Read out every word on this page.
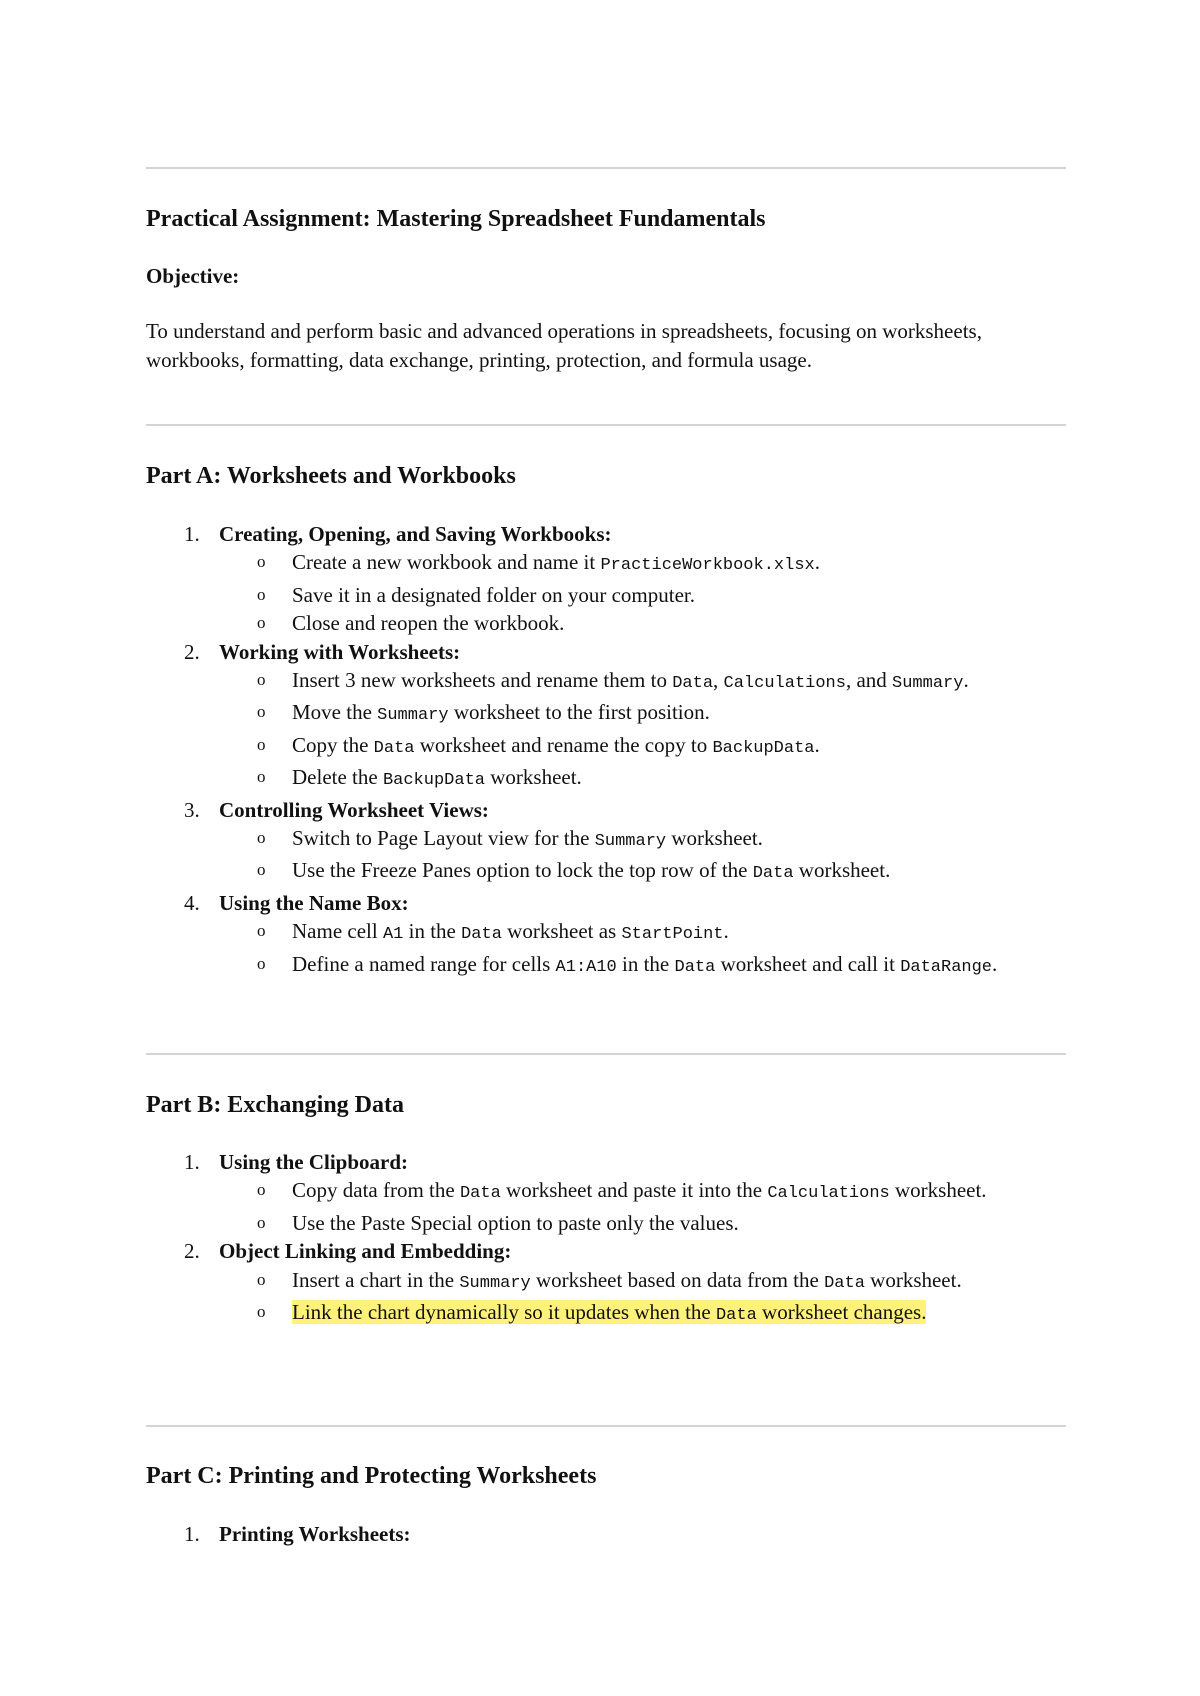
Practical Assignment: Mastering Spreadsheet Fundamentals
Objective:
To understand and perform basic and advanced operations in spreadsheets, focusing on worksheets, workbooks, formatting, data exchange, printing, protection, and formula usage.
Part A: Worksheets and Workbooks
1. Creating, Opening, and Saving Workbooks:
o Create a new workbook and name it PracticeWorkbook.xlsx.
o Save it in a designated folder on your computer.
o Close and reopen the workbook.
2. Working with Worksheets:
o Insert 3 new worksheets and rename them to Data, Calculations, and Summary.
o Move the Summary worksheet to the first position.
o Copy the Data worksheet and rename the copy to BackupData.
o Delete the BackupData worksheet.
3. Controlling Worksheet Views:
o Switch to Page Layout view for the Summary worksheet.
o Use the Freeze Panes option to lock the top row of the Data worksheet.
4. Using the Name Box:
o Name cell A1 in the Data worksheet as StartPoint.
o Define a named range for cells A1:A10 in the Data worksheet and call it DataRange.
Part B: Exchanging Data
1. Using the Clipboard:
o Copy data from the Data worksheet and paste it into the Calculations worksheet.
o Use the Paste Special option to paste only the values.
2. Object Linking and Embedding:
o Insert a chart in the Summary worksheet based on data from the Data worksheet.
o Link the chart dynamically so it updates when the Data worksheet changes.
Part C: Printing and Protecting Worksheets
1. Printing Worksheets:
